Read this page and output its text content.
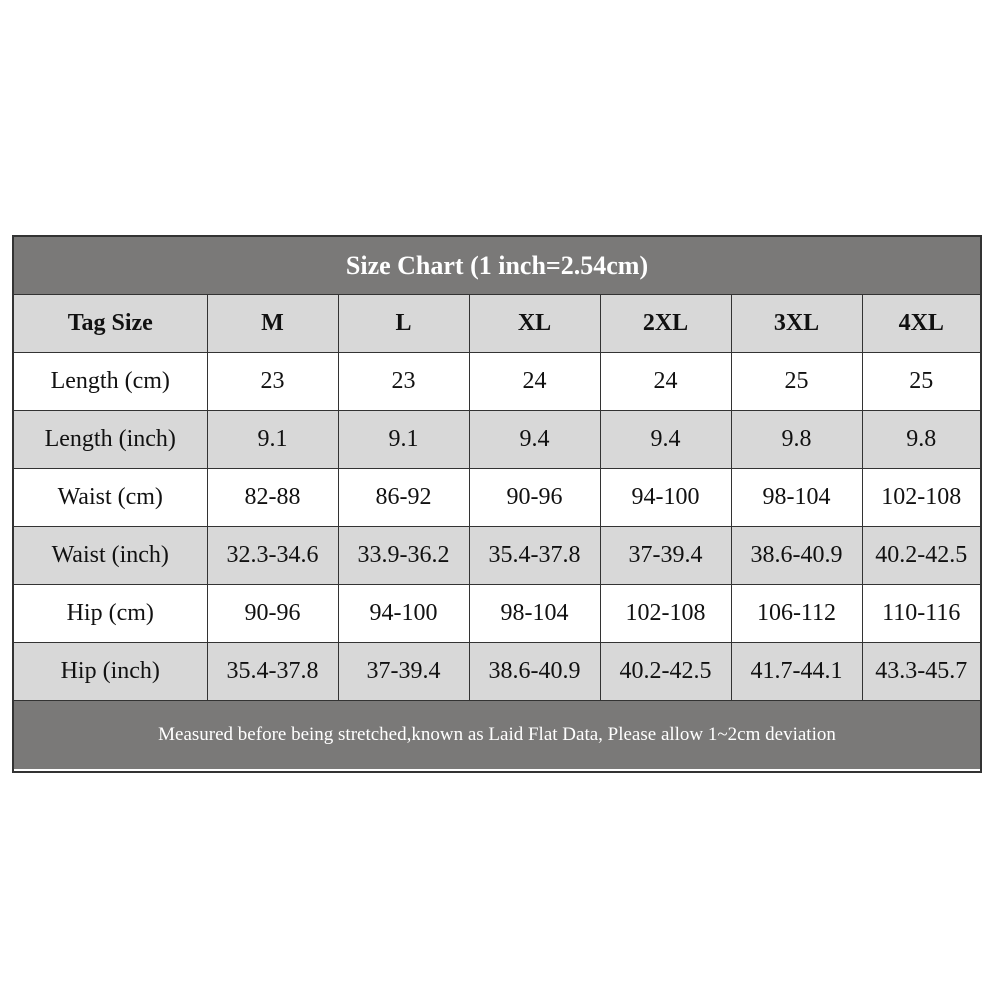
Size Chart (1 inch=2.54cm)
Tag Size	M	L	XL	2XL	3XL	4XL
Length (cm)	23	23	24	24	25	25
Length (inch)	9.1	9.1	9.4	9.4	9.8	9.8
Waist (cm)	82-88	86-92	90-96	94-100	98-104	102-108
Waist (inch)	32.3-34.6	33.9-36.2	35.4-37.8	37-39.4	38.6-40.9	40.2-42.5
Hip (cm)	90-96	94-100	98-104	102-108	106-112	110-116
Hip (inch)	35.4-37.8	37-39.4	38.6-40.9	40.2-42.5	41.7-44.1	43.3-45.7
Measured before being stretched,known as Laid Flat Data, Please allow 1~2cm deviation
